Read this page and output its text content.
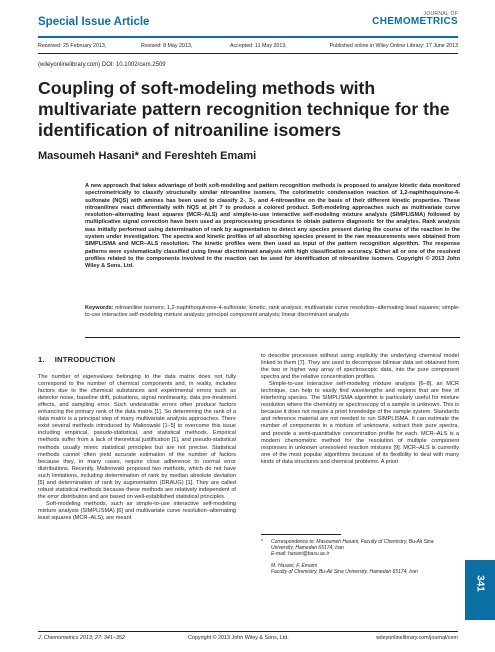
Special Issue Article
JOURNAL OF
CHEMOMETRICS
Received: 25 February 2013,	Revised: 8 May 2013,	Accepted: 11 May 2013,	Published online in Wiley Online Library: 17 June 2013
(wileyonlinelibrary.com) DOI: 10.1002/cem.2509
Coupling of soft-modeling methods with multivariate pattern recognition technique for the identification of nitroaniline isomers
Masoumeh Hasani* and Fereshteh Emami

A new approach that takes advantage of both soft-modeling and pattern recognition methods is proposed to analyze kinetic data monitored spectrometrically to classify structurally similar nitroaniline isomers. The colorimetric condensation reaction of 1,2-naphthoquinone-4-sulfonate (NQS) with amines has been used to classify 2-, 3-, and 4-nitroaniline on the basis of their different kinetic properties. These nitroanilines react differentially with NQS at pH 7 to produce a colored product. Soft-modeling approaches such as multivariate curve resolution–alternating least squares (MCR–ALS) and simple-to-use interactive self-modeling mixture analysis (SIMPLISMA) followed by multiplicative signal correction have been used as preprocessing procedures to obtain patterns diagnostic for the analytes. Rank analysis was initially performed using determination of rank by augmentation to detect any species present during the course of the reaction in the system under investigation. The spectra and kinetic profiles of all absorbing species present in the raw measurements were obtained from SIMPLISMA and MCR–ALS resolution. The kinetic profiles were then used as input of the pattern recognition algorithm. The response patterns were systematically classified using linear discriminant analysis with high classification accuracy. Either all or one of the resolved profiles related to the components involved in the reaction can be used for identification of nitroaniline isomers. Copyright © 2013 John Wiley & Sons, Ltd.

Keywords: nitroaniline isomers; 1,2-naphthoquinone-4-sulfonate; kinetic; rank analysis; multivariate curve resolution–alternating least squares; simple-to-use interactive self-modeling mixture analysis; principal component analysis; linear discriminant analysis

1. INTRODUCTION

The number of eigenvalues belonging to the data matrix does not fully correspond to the number of chemical components and, in reality, includes factors due to the chemical substances and experimental errors such as detector noise, baseline drift, pulsations, signal nonlinearity, data pre-treatment effects, and sampling error. Such undesirable errors often produce factors enhancing the primary rank of the data matrix [1]. So determining the rank of a data matrix is a principal step of many multivariate analysis approaches. There exist several methods introduced by Malinowski [1–5] to overcome this issue including empirical, pseudo-statistical, and statistical methods. Empirical methods suffer from a lack of theoretical justification [1], and pseudo-statistical methods usually mimic statistical principles but are not precise. Statistical methods cannot often yield accurate estimation of the number of factors because they, in many cases, require close adherence to normal error distributions. Recently, Malinowski proposed two methods, which do not have such limitations, including determination of rank by median absolute deviation [5] and determination of rank by augmentation (DRAUG) [1]. They are called robust statistical methods because these methods are relatively independent of the error distribution and are based on well-established statistical principles.

Soft-modeling methods, such as simple-to-use interactive self-modeling mixture analysis (SIMPLISMA) [6] and multivariate curve resolution–alternating least squares (MCR–ALS), are meant

to describe processes without using explicitly the underlying chemical model linked to them [7]. They are used to decompose bilinear data set obtained from the two or higher way array of spectroscopic data, into the pure component spectra and the relative concentration profiles.

Simple-to-use interactive self-modeling mixture analysis [6–8], an MCR technique, can help to easily find wavelengths and regions that are free of interfering species. The SIMPLISMA algorithm is particularly useful for mixture resolution where the chemistry or spectroscopy of a sample is unknown. This is because it does not require a priori knowledge of the sample system. Standards and reference material are not needed to run SIMPLISMA. It can estimate the number of components in a mixture of unknowns, extract their pure spectra, and provide a semi-quantitative concentration profile for each. MCR–ALS is a modern chemometric method for the resolution of multiple component responses in unknown unresolved reaction mixtures [9]. MCR–ALS is currently one of the most popular algorithms because of its flexibility to deal with many kinds of data structures and chemical problems. A priori

* Correspondence to: Masoumeh Hasani, Faculty of Chemistry, Bu-Ali Sina University, Hamedan 65174, Iran
E-mail: hasani@basu.ac.ir
M. Hasani, F. Emami
Faculty of Chemistry, Bu-Ali Sina University, Hamedan 65174, Iran
341
J. Chemometrics 2013; 27: 341–352	Copyright © 2013 John Wiley & Sons, Ltd.	wileyonlinelibrary.com/journal/cem
